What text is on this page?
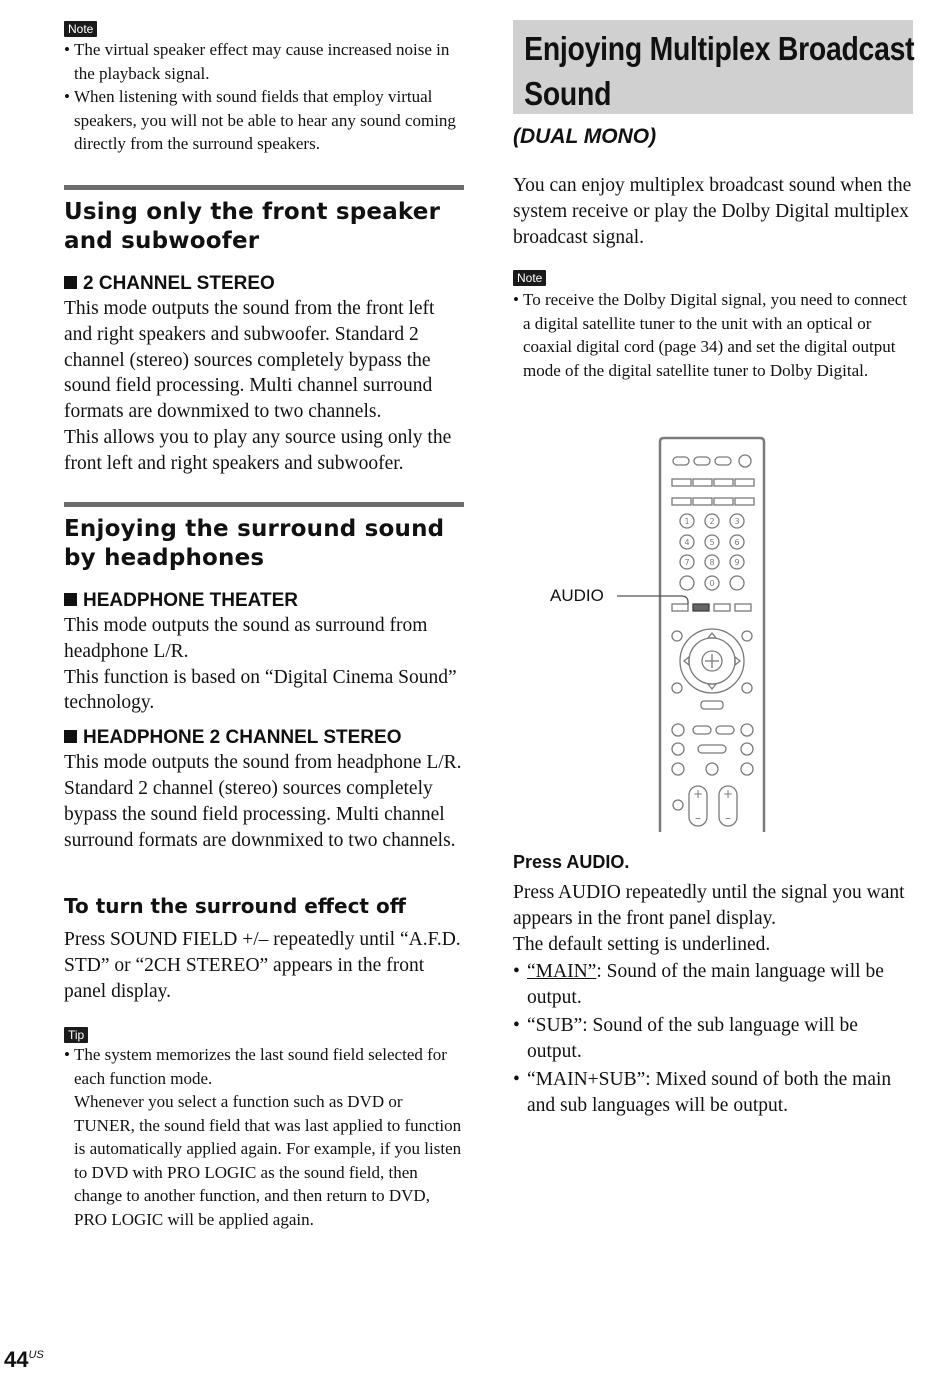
Note
• The virtual speaker effect may cause increased noise in the playback signal.
• When listening with sound fields that employ virtual speakers, you will not be able to hear any sound coming directly from the surround speakers.
Using only the front speaker and subwoofer
2 CHANNEL STEREO

This mode outputs the sound from the front left and right speakers and subwoofer. Standard 2 channel (stereo) sources completely bypass the sound field processing. Multi channel surround formats are downmixed to two channels.

This allows you to play any source using only the front left and right speakers and subwoofer.

Enjoying the surround sound by headphones
HEADPHONE THEATER

This mode outputs the sound as surround from headphone L/R.

This function is based on “Digital Cinema Sound” technology.

HEADPHONE 2 CHANNEL STEREO

This mode outputs the sound from headphone L/R. Standard 2 channel (stereo) sources completely bypass the sound field processing. Multi channel surround formats are downmixed to two channels.

To turn the surround effect off

Press SOUND FIELD +/– repeatedly until “A.F.D. STD” or “2CH STEREO” appears in the front panel display.

Tip
• The system memorizes the last sound field selected for each function mode.

Whenever you select a function such as DVD or TUNER, the sound field that was last applied to function is automatically applied again. For example, if you listen to DVD with PRO LOGIC as the sound field, then change to another function, and then return to DVD, PRO LOGIC will be applied again.

Enjoying Multiplex Broadcast Sound

(DUAL MONO)

You can enjoy multiplex broadcast sound when the system receive or play the Dolby Digital multiplex broadcast signal.

Note
• To receive the Dolby Digital signal, you need to connect a digital satellite tuner to the unit with an optical or coaxial digital cord (page 34) and set the digital output mode of the digital satellite tuner to Dolby Digital.
1 2 3
4 5 6
7 8 9
0
+ +
– –
AUDIO

Press AUDIO.

Press AUDIO repeatedly until the signal you want appears in the front panel display.

The default setting is underlined.

• “MAIN”: Sound of the main language will be output.
• “SUB”: Sound of the sub language will be output.
• “MAIN+SUB”: Mixed sound of both the main and sub languages will be output.
$44^{US}$
